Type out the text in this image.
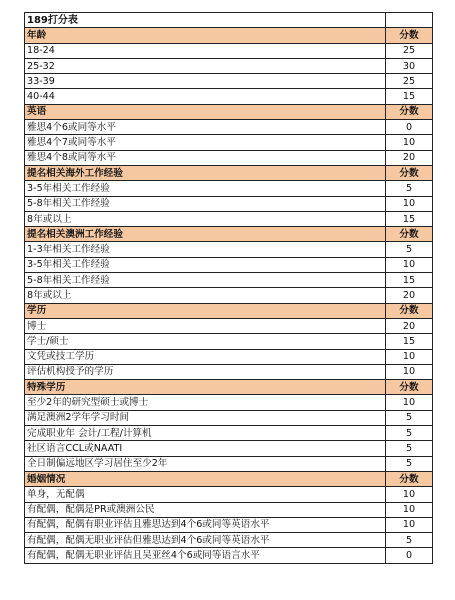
189打分表	
年龄	分数
18-24	25
25-32	30
33-39	25
40-44	15
英语	分数
雅思4个6或同等水平	0
雅思4个7或同等水平	10
雅思4个8或同等水平	20
提名相关海外工作经验	分数
3-5年相关工作经验	5
5-8年相关工作经验	10
8年或以上	15
提名相关澳洲工作经验	分数
1-3年相关工作经验	5
3-5年相关工作经验	10
5-8年相关工作经验	15
8年或以上	20
学历	分数
博士	20
学士/硕士	15
文凭或技工学历	10
评估机构授予的学历	10
特殊学历	分数
至少2年的研究型硕士或博士	10
满足澳洲2学年学习时间	5
完成职业年 会计/工程/计算机	5
社区语言CCL或NAATI	5
全日制偏远地区学习居住至少2年	5
婚姻情况	分数
单身，无配偶	10
有配偶，配偶是PR或澳洲公民	10
有配偶，配偶有职业评估且雅思达到4个6或同等英语水平	10
有配偶，配偶无职业评估但雅思达到4个6或同等英语水平	5
有配偶，配偶无职业评估且吴亚丝4个6或同等语言水平	0
